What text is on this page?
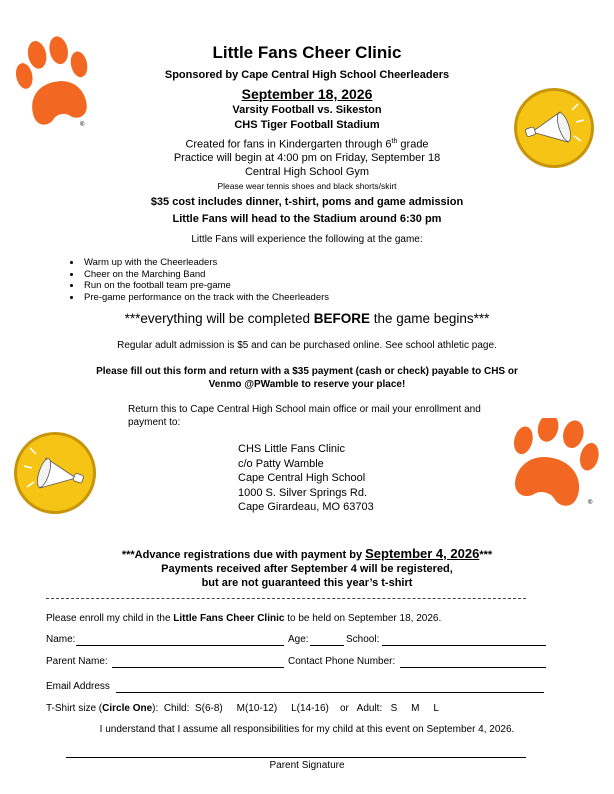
®
Little Fans Cheer Clinic
Sponsored by Cape Central High School Cheerleaders
September 18, 2026
Varsity Football vs. Sikeston
CHS Tiger Football Stadium
Created for fans in Kindergarten through 6th grade
Practice will begin at 4:00 pm on Friday, September 18
Central High School Gym
Please wear tennis shoes and black shorts/skirt
$35 cost includes dinner, t-shirt, poms and game admission
Little Fans will head to the Stadium around 6:30 pm
Little Fans will experience the following at the game:
• Warm up with the Cheerleaders
• Cheer on the Marching Band
• Run on the football team pre-game
• Pre-game performance on the track with the Cheerleaders
***everything will be completed BEFORE the game begins***
Regular adult admission is $5 and can be purchased online. See school athletic page.
Please fill out this form and return with a $35 payment (cash or check) payable to CHS or
Venmo @PWamble to reserve your place!
Return this to Cape Central High School main office or mail your enrollment and
payment to:
®
CHS Little Fans Clinic
c/o Patty Wamble
Cape Central High School
1000 S. Silver Springs Rd.
Cape Girardeau, MO 63703
***Advance registrations due with payment by September 4, 2026***
Payments received after September 4 will be registered,
but are not guaranteed this year’s t-shirt
Please enroll my child in the Little Fans Cheer Clinic to be held on September 18, 2026.
Name:	Age:	School:
Parent Name:	Contact Phone Number:
Email Address
T-Shirt size (Circle One): Child:  S(6-8)     M(10-12)     L(14-16)    or   Adult:   S     M     L
I understand that I assume all responsibilities for my child at this event on September 4, 2026.
Parent Signature
